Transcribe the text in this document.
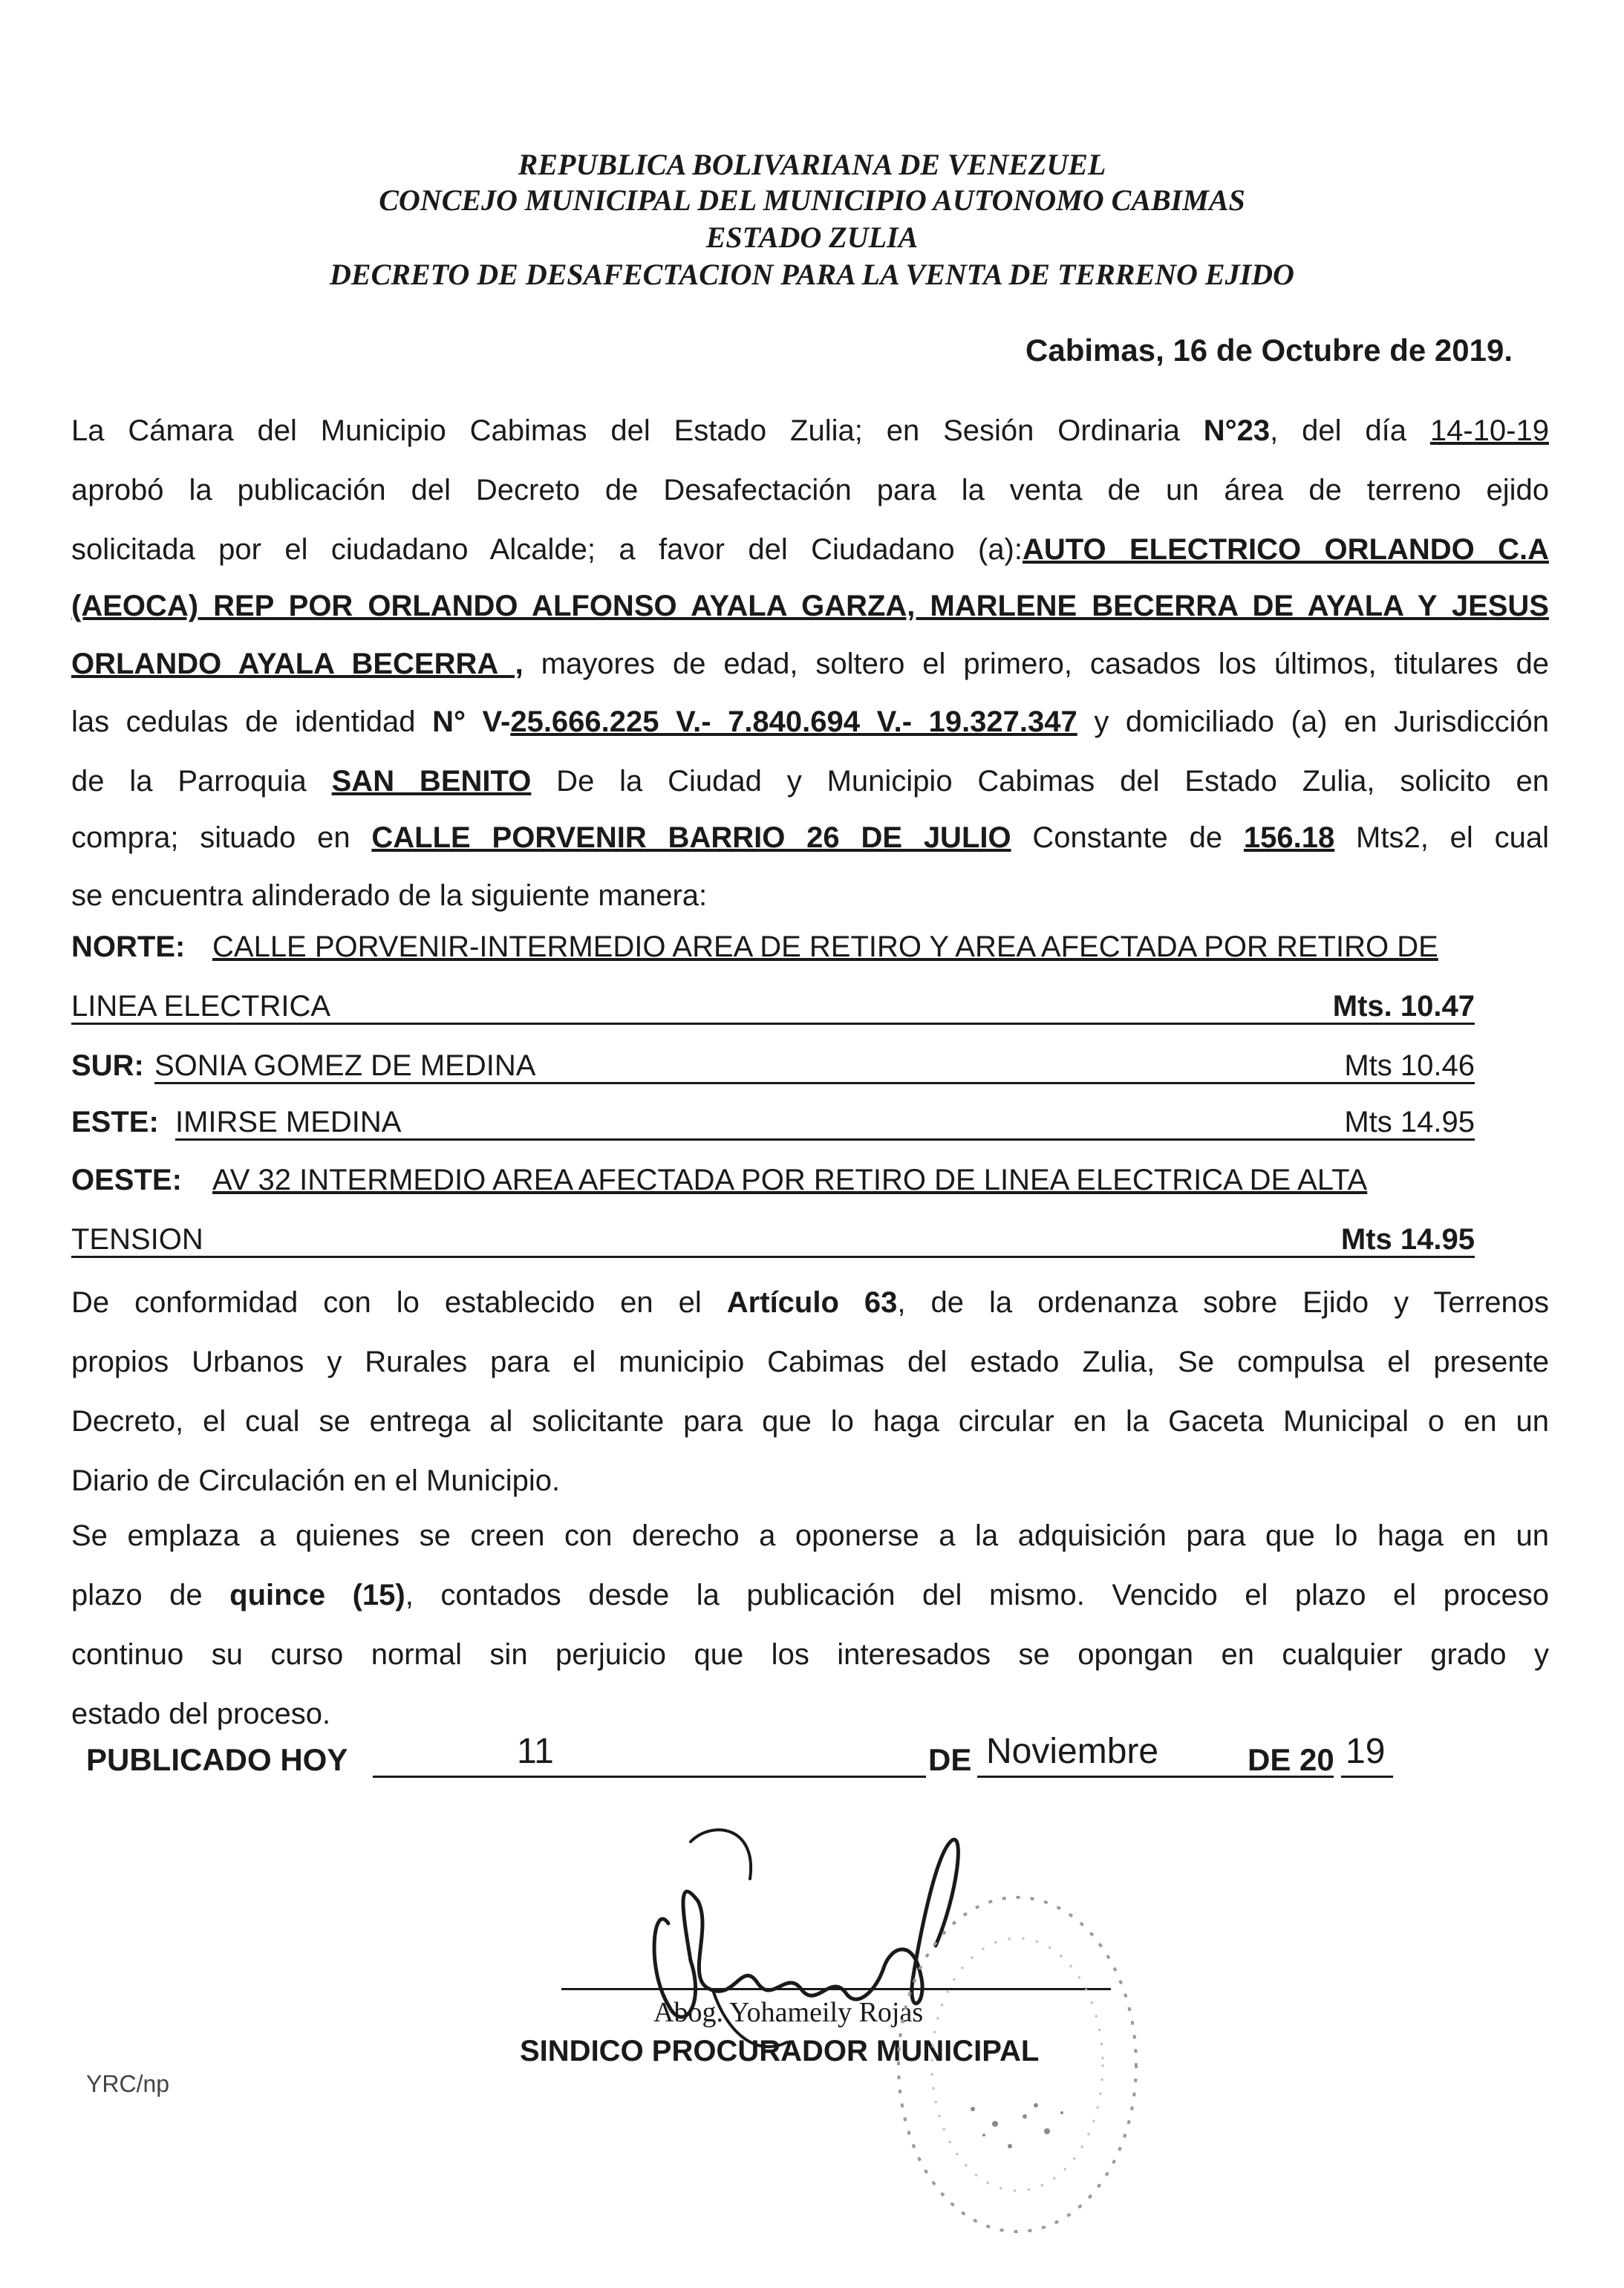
REPUBLICA BOLIVARIANA DE VENEZUEL
CONCEJO MUNICIPAL DEL MUNICIPIO AUTONOMO CABIMAS
ESTADO ZULIA
DECRETO DE DESAFECTACION PARA LA VENTA DE TERRENO EJIDO
Cabimas, 16 de Octubre de 2019.
La Cámara del Municipio Cabimas del Estado Zulia; en Sesión Ordinaria N°23, del día 14-10-19
aprobó la publicación del Decreto de Desafectación para la venta de un área de terreno ejido
solicitada por el ciudadano Alcalde; a favor del Ciudadano (a):AUTO ELECTRICO ORLANDO C.A
(AEOCA) REP POR ORLANDO ALFONSO AYALA GARZA, MARLENE BECERRA DE AYALA Y JESUS
ORLANDO AYALA BECERRA , mayores de edad, soltero el primero, casados los últimos, titulares de
las cedulas de identidad N° V-25.666.225 V.- 7.840.694 V.- 19.327.347 y domiciliado (a) en Jurisdicción
de la Parroquia SAN BENITO De la Ciudad y Municipio Cabimas del Estado Zulia, solicito en
compra; situado en CALLE PORVENIR BARRIO 26 DE JULIO Constante de 156.18 Mts2, el cual
se encuentra alinderado de la siguiente manera:
NORTE: CALLE PORVENIR-INTERMEDIO AREA DE RETIRO Y AREA AFECTADA POR RETIRO DE
LINEA ELECTRICA	Mts. 10.47
SUR: SONIA GOMEZ DE MEDINA	Mts 10.46
ESTE: IMIRSE MEDINA	Mts 14.95
OESTE: AV 32 INTERMEDIO AREA AFECTADA POR RETIRO DE LINEA ELECTRICA DE ALTA
TENSION	Mts 14.95
De conformidad con lo establecido en el Artículo 63, de la ordenanza sobre Ejido y Terrenos
propios Urbanos y Rurales para el municipio Cabimas del estado Zulia, Se compulsa el presente
Decreto, el cual se entrega al solicitante para que lo haga circular en la Gaceta Municipal o en un
Diario de Circulación en el Municipio.
Se emplaza a quienes se creen con derecho a oponerse a la adquisición para que lo haga en un
plazo de quince (15), contados desde la publicación del mismo. Vencido el plazo el proceso
continuo su curso normal sin perjuicio que los interesados se opongan en cualquier grado y
estado del proceso.
PUBLICADO HOY	11	DE Noviembre	DE 20 19
Abog. Yohameily Rojas
SINDICO PROCURADOR MUNICIPAL
YRC/np
